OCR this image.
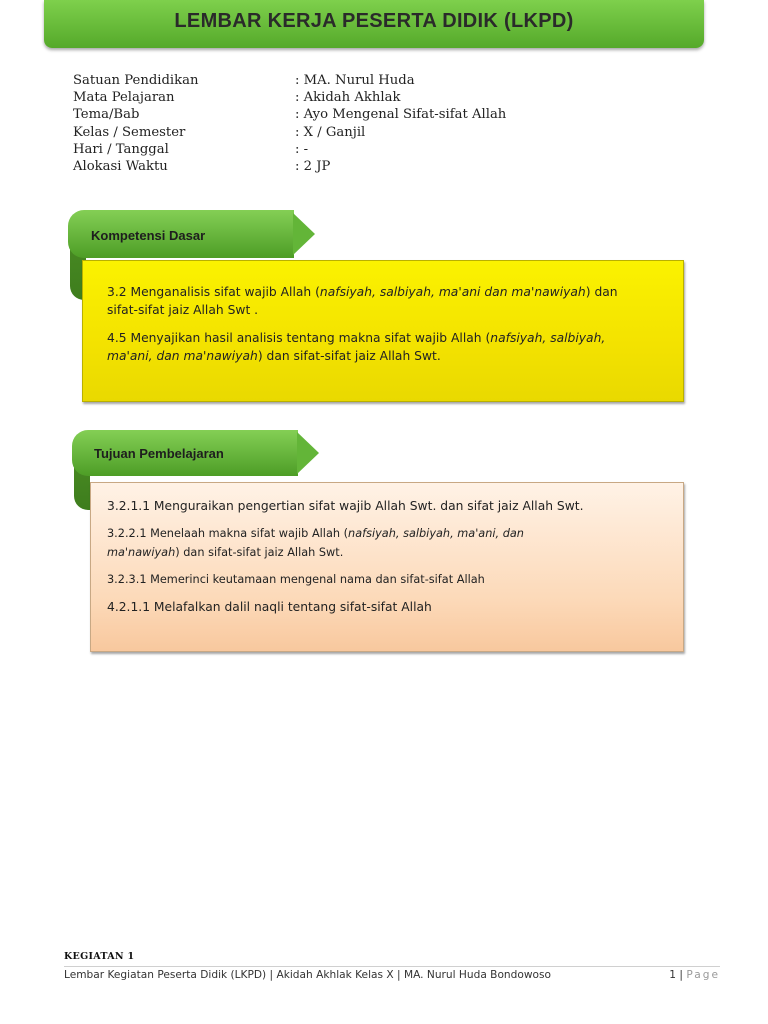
LEMBAR KERJA PESERTA DIDIK (LKPD)
Satuan Pendidikan	: MA. Nurul Huda
Mata Pelajaran	: Akidah Akhlak
Tema/Bab	: Ayo Mengenal Sifat-sifat Allah
Kelas / Semester	: X / Ganjil
Hari / Tanggal	: -
Alokasi Waktu	: 2 JP
Kompetensi Dasar
3.2 Menganalisis sifat wajib Allah (nafsiyah, salbiyah, ma'ani dan ma'nawiyah) dan sifat-sifat jaiz Allah Swt .
4.5 Menyajikan hasil analisis tentang makna sifat wajib Allah (nafsiyah, salbiyah, ma'ani, dan ma'nawiyah) dan sifat-sifat jaiz Allah Swt.
Tujuan Pembelajaran
3.2.1.1 Menguraikan pengertian sifat wajib Allah Swt. dan sifat jaiz Allah Swt.
3.2.2.1 Menelaah makna sifat wajib Allah (nafsiyah, salbiyah, ma'ani, dan ma'nawiyah) dan sifat-sifat jaiz Allah Swt.
3.2.3.1 Memerinci keutamaan mengenal nama dan sifat-sifat Allah
4.2.1.1 Melafalkan dalil naqli tentang sifat-sifat Allah
KEGIATAN 1
Lembar Kegiatan Peserta Didik (LKPD) | Akidah Akhlak Kelas X | MA. Nurul Huda Bondowoso	1 | Page
